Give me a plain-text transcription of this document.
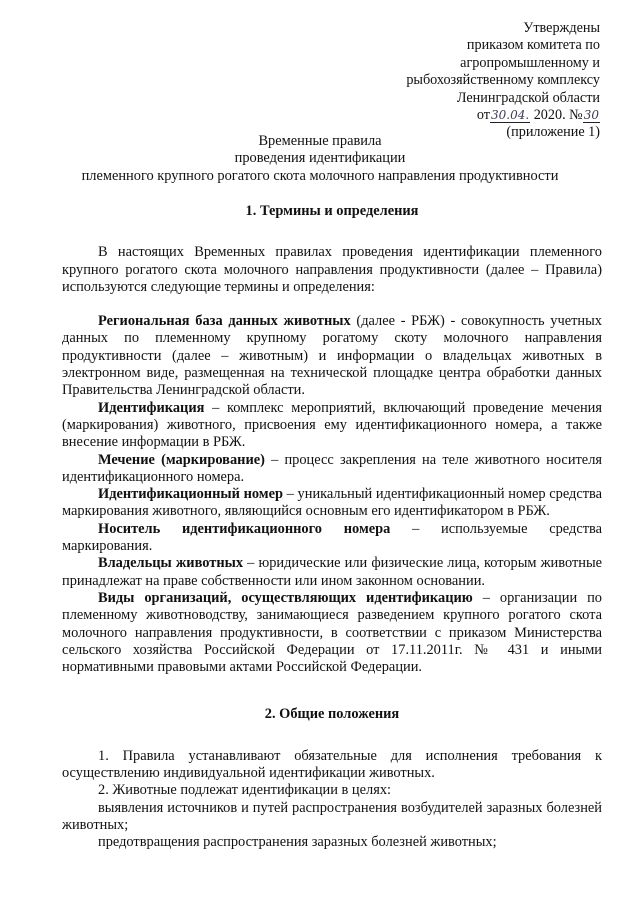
Утверждены
приказом комитета по
агропромышленному и
рыбохозяйственному комплексу
Ленинградской области
от30.04. 2020. №30
(приложение 1)
Временные правила
проведения идентификации
племенного крупного рогатого скота молочного направления продуктивности

1. Термины и определения

В настоящих Временных правилах проведения идентификации племенного крупного рогатого скота молочного направления продуктивности (далее – Правила) используются следующие термины и определения:

Региональная база данных животных (далее - РБЖ) - совокупность учетных данных по племенному крупному рогатому скоту молочного направления продуктивности (далее – животным) и информации о владельцах животных в электронном виде, размещенная на технической площадке центра обработки данных Правительства Ленинградской области.

Идентификация – комплекс мероприятий, включающий проведение мечения (маркирования) животного, присвоения ему идентификационного номера, а также внесение информации в РБЖ.

Мечение (маркирование) – процесс закрепления на теле животного носителя идентификационного номера.

Идентификационный номер – уникальный идентификационный номер средства маркирования животного, являющийся основным его идентификатором в РБЖ.

Носитель идентификационного номера – используемые средства маркирования.

Владельцы животных – юридические или физические лица, которым животные принадлежат на праве собственности или ином законном основании.

Виды организаций, осуществляющих идентификацию – организации по племенному животноводству, занимающиеся разведением крупного рогатого скота молочного направления продуктивности, в соответствии с приказом Министерства сельского хозяйства Российской Федерации от 17.11.2011г. № 431 и иными нормативными правовыми актами Российской Федерации.

2. Общие положения

1. Правила устанавливают обязательные для исполнения требования к осуществлению индивидуальной идентификации животных.

2. Животные подлежат идентификации в целях:

выявления источников и путей распространения возбудителей заразных болезней животных;

предотвращения распространения заразных болезней животных;
